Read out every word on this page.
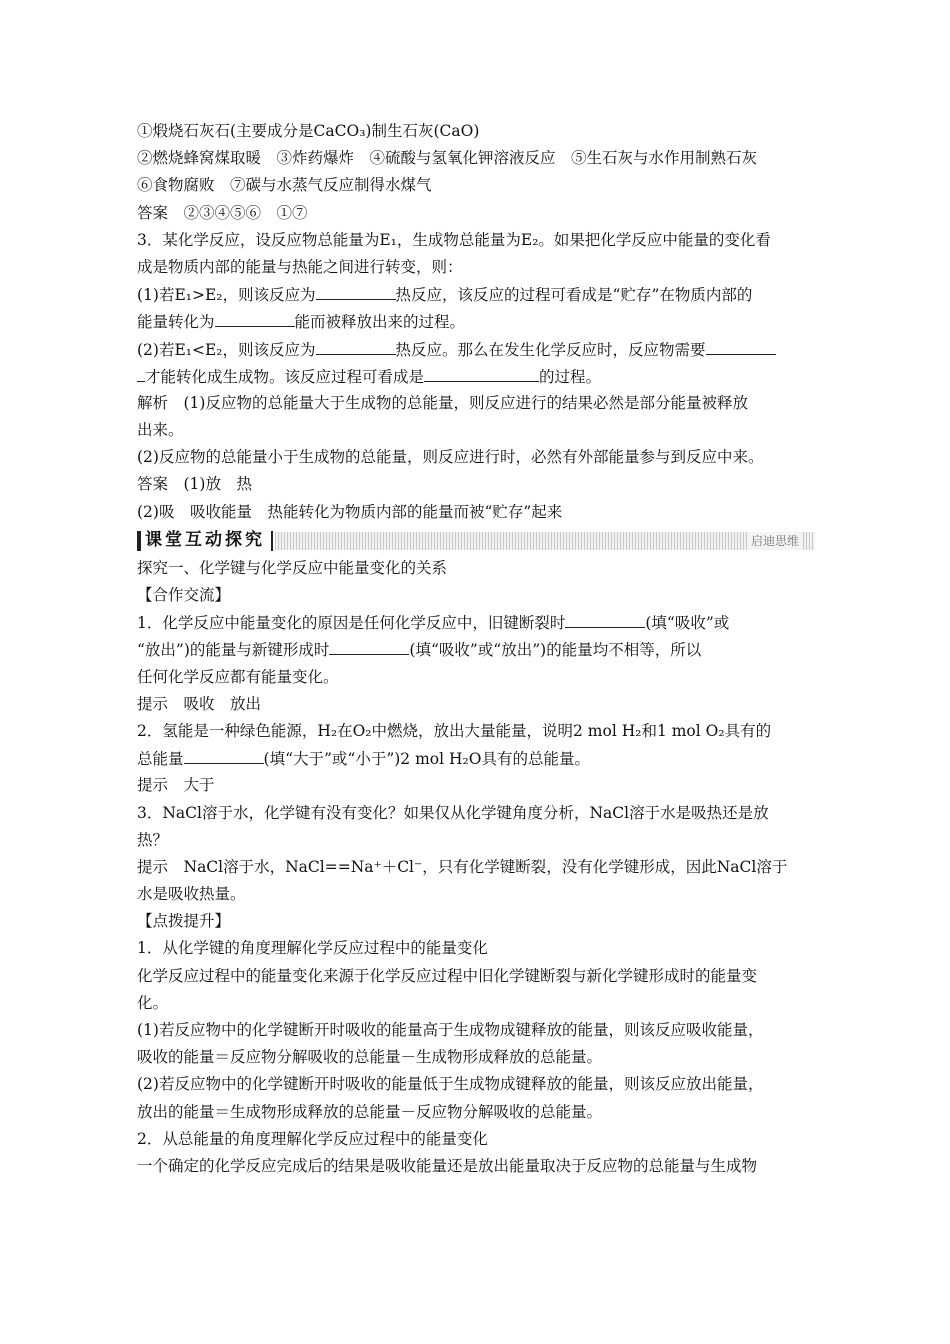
①煅烧石灰石(主要成分是CaCO₃)制生石灰(CaO)
②燃烧蜂窝煤取暖　③炸药爆炸　④硫酸与氢氧化钾溶液反应　⑤生石灰与水作用制熟石灰
⑥食物腐败　⑦碳与水蒸气反应制得水煤气
答案　②③④⑤⑥　①⑦
3．某化学反应，设反应物总能量为E₁，生成物总能量为E₂。如果把化学反应中能量的变化看
成是物质内部的能量与热能之间进行转变，则：
(1)若E₁>E₂，则该反应为	热反应，该反应的过程可看成是“贮存”在物质内部的
能量转化为	能而被释放出来的过程。
(2)若E₁<E₂，则该反应为	热反应。那么在发生化学反应时，反应物需要
才能转化成生成物。该反应过程可看成是	的过程。
解析　(1)反应物的总能量大于生成物的总能量，则反应进行的结果必然是部分能量被释放
出来。
(2)反应物的总能量小于生成物的总能量，则反应进行时，必然有外部能量参与到反应中来。
答案　(1)放　热
(2)吸　吸收能量　热能转化为物质内部的能量而被“贮存”起来
课堂互动探究	启迪思维
探究一、化学键与化学反应中能量变化的关系
【合作交流】
1．化学反应中能量变化的原因是任何化学反应中，旧键断裂时	(填“吸收”或
“放出”)的能量与新键形成时	(填“吸收”或“放出”)的能量均不相等，所以
任何化学反应都有能量变化。
提示　吸收　放出
2．氢能是一种绿色能源，H₂在O₂中燃烧，放出大量能量，说明2 mol H₂和1 mol O₂具有的
总能量	(填“大于”或“小于”)2 mol H₂O具有的总能量。
提示　大于
3．NaCl溶于水，化学键有没有变化？如果仅从化学键角度分析，NaCl溶于水是吸热还是放
热？
提示　NaCl溶于水，NaCl==Na⁺＋Cl⁻，只有化学键断裂，没有化学键形成，因此NaCl溶于
水是吸收热量。
【点拨提升】
1．从化学键的角度理解化学反应过程中的能量变化
化学反应过程中的能量变化来源于化学反应过程中旧化学键断裂与新化学键形成时的能量变
化。
(1)若反应物中的化学键断开时吸收的能量高于生成物成键释放的能量，则该反应吸收能量，
吸收的能量＝反应物分解吸收的总能量－生成物形成释放的总能量。
(2)若反应物中的化学键断开时吸收的能量低于生成物成键释放的能量，则该反应放出能量，
放出的能量＝生成物形成释放的总能量－反应物分解吸收的总能量。
2．从总能量的角度理解化学反应过程中的能量变化
一个确定的化学反应完成后的结果是吸收能量还是放出能量取决于反应物的总能量与生成物
